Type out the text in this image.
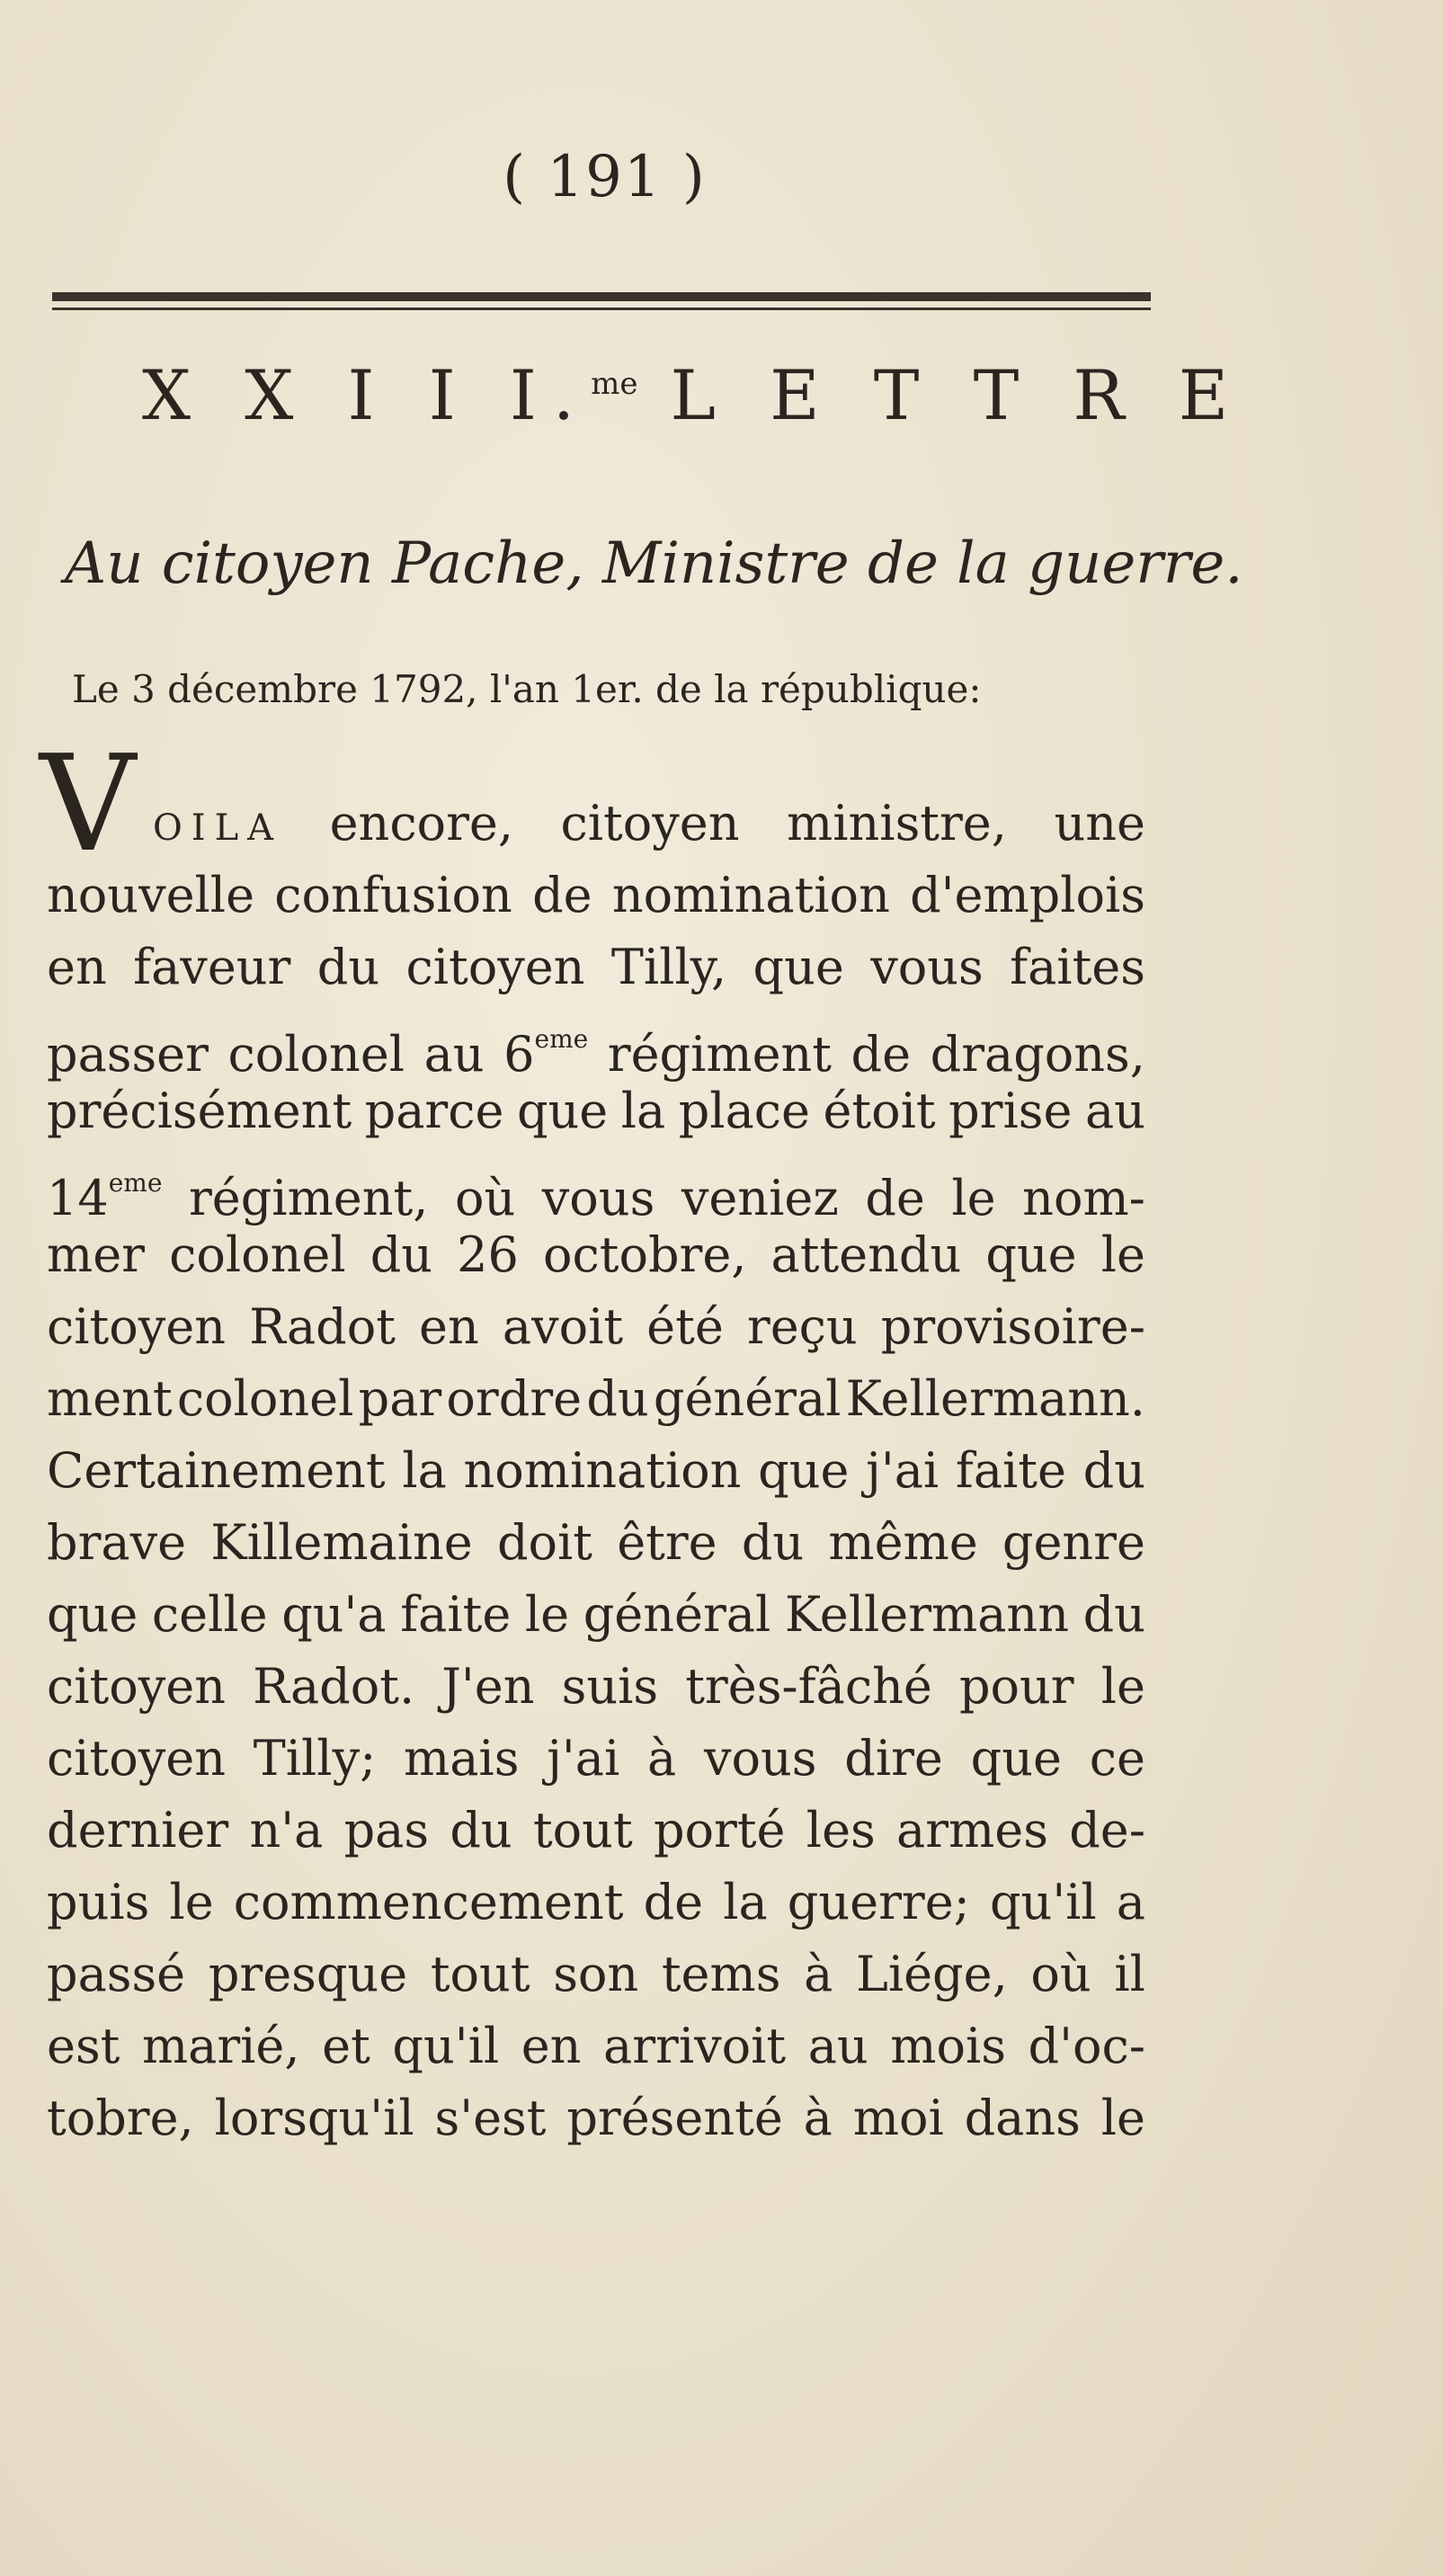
( 191 )
X X I I I.$^{me}$ L E T T R E
Au citoyen Pache, Ministre de la guerre.
Le 3 décembre 1792, l'an 1er. de la république:
V OILA encore, citoyen ministre, une
nouvelle confusion de nomination d'emplois
en faveur du citoyen Tilly, que vous faites
passer colonel au 6eme régiment de dragons,
précisément parce que la place étoit prise au
14eme régiment, où vous veniez de le nom-
mer colonel du 26 octobre, attendu que le
citoyen Radot en avoit été reçu provisoire-
ment colonel par ordre du général Kellermann.
Certainement la nomination que j'ai faite du
brave Killemaine doit être du même genre
que celle qu'a faite le général Kellermann du
citoyen Radot. J'en suis très-fâché pour le
citoyen Tilly; mais j'ai à vous dire que ce
dernier n'a pas du tout porté les armes de-
puis le commencement de la guerre; qu'il a
passé presque tout son tems à Liége, où il
est marié, et qu'il en arrivoit au mois d'oc-
tobre, lorsqu'il s'est présenté à moi dans le
